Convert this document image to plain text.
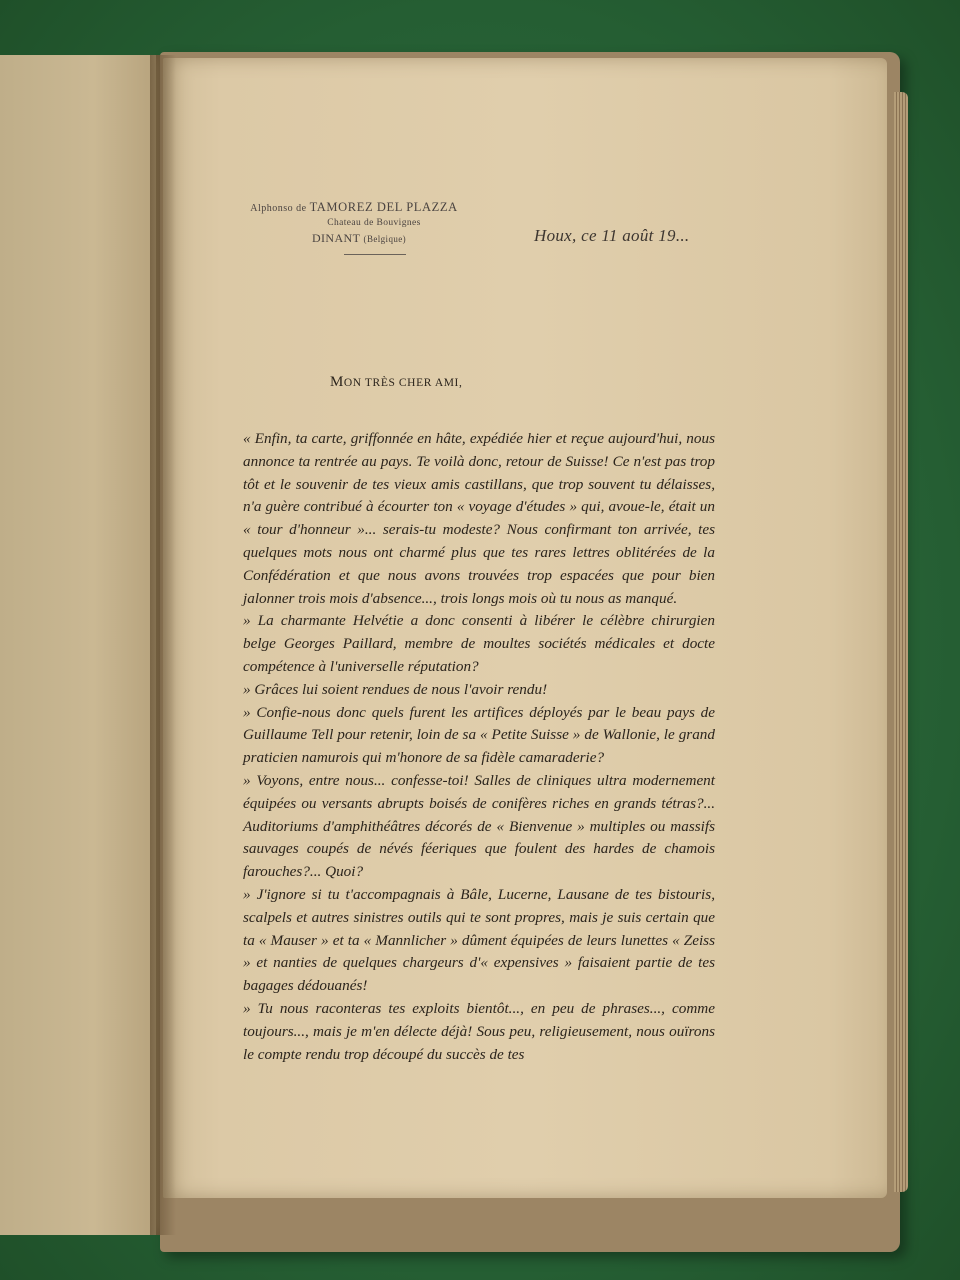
Alphonso de TAMOREZ DEL PLAZZA
Chateau de Bouvignes
DINANT (Belgique)	Houx, ce 11 août 19...
MON TRÈS CHER AMI,

« Enfin, ta carte, griffonnée en hâte, expédiée hier et reçue aujourd'hui, nous annonce ta rentrée au pays. Te voilà donc, retour de Suisse! Ce n'est pas trop tôt et le souvenir de tes vieux amis castillans, que trop souvent tu délaisses, n'a guère contribué à écourter ton « voyage d'études » qui, avoue-le, était un « tour d'honneur »... serais-tu modeste? Nous confirmant ton arrivée, tes quelques mots nous ont charmé plus que tes rares lettres oblitérées de la Confédération et que nous avons trouvées trop espacées que pour bien jalonner trois mois d'absence..., trois longs mois où tu nous as manqué.

» La charmante Helvétie a donc consenti à libérer le célèbre chirurgien belge Georges Paillard, membre de moultes sociétés médicales et docte compétence à l'universelle réputation?

» Grâces lui soient rendues de nous l'avoir rendu!

» Confie-nous donc quels furent les artifices déployés par le beau pays de Guillaume Tell pour retenir, loin de sa « Petite Suisse » de Wallonie, le grand praticien namurois qui m'honore de sa fidèle camaraderie?

» Voyons, entre nous... confesse-toi! Salles de cliniques ultra modernement équipées ou versants abrupts boisés de conifères riches en grands tétras?... Auditoriums d'amphithéâtres décorés de « Bienvenue » multiples ou massifs sauvages coupés de névés féeriques que foulent des hardes de chamois farouches?... Quoi?

» J'ignore si tu t'accompagnais à Bâle, Lucerne, Lausane de tes bistouris, scalpels et autres sinistres outils qui te sont propres, mais je suis certain que ta « Mauser » et ta « Mannlicher » dûment équipées de leurs lunettes « Zeiss » et nanties de quelques chargeurs d'« expensives » faisaient partie de tes bagages dédouanés!

» Tu nous raconteras tes exploits bientôt..., en peu de phrases..., comme toujours..., mais je m'en délecte déjà! Sous peu, religieusement, nous ouïrons le compte rendu trop découpé du succès de tes
